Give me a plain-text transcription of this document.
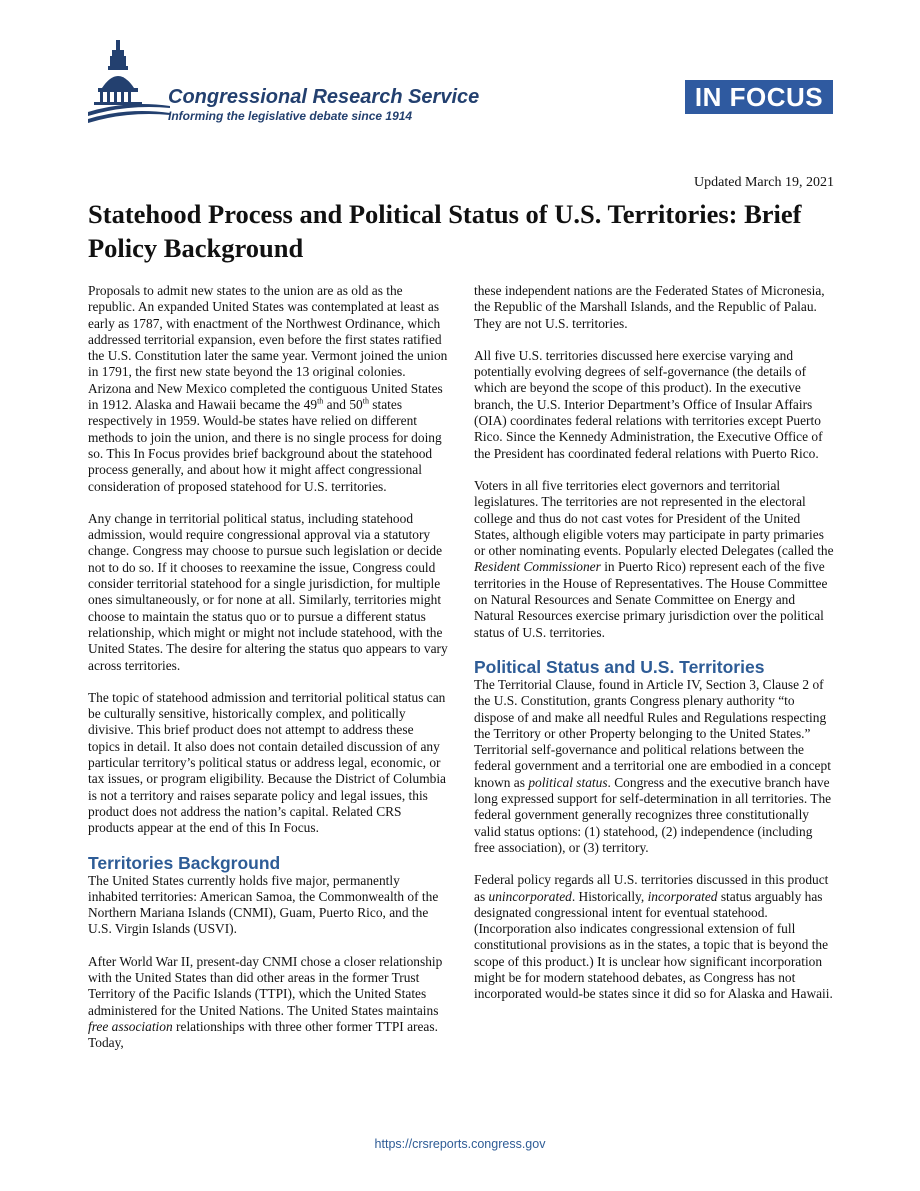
Congressional Research Service
Informing the legislative debate since 1914
IN FOCUS
Updated March 19, 2021
Statehood Process and Political Status of U.S. Territories: Brief Policy Background

Proposals to admit new states to the union are as old as the republic. An expanded United States was contemplated at least as early as 1787, with enactment of the Northwest Ordinance, which addressed territorial expansion, even before the first states ratified the U.S. Constitution later the same year. Vermont joined the union in 1791, the first new state beyond the 13 original colonies. Arizona and New Mexico completed the contiguous United States in 1912. Alaska and Hawaii became the 49th and 50th states respectively in 1959. Would-be states have relied on different methods to join the union, and there is no single process for doing so. This In Focus provides brief background about the statehood process generally, and about how it might affect congressional consideration of proposed statehood for U.S. territories.

Any change in territorial political status, including statehood admission, would require congressional approval via a statutory change. Congress may choose to pursue such legislation or decide not to do so. If it chooses to reexamine the issue, Congress could consider territorial statehood for a single jurisdiction, for multiple ones simultaneously, or for none at all. Similarly, territories might choose to maintain the status quo or to pursue a different status relationship, which might or might not include statehood, with the United States. The desire for altering the status quo appears to vary across territories.

The topic of statehood admission and territorial political status can be culturally sensitive, historically complex, and politically divisive. This brief product does not attempt to address these topics in detail. It also does not contain detailed discussion of any particular territory’s political status or address legal, economic, or tax issues, or program eligibility. Because the District of Columbia is not a territory and raises separate policy and legal issues, this product does not address the nation’s capital. Related CRS products appear at the end of this In Focus.

Territories Background

The United States currently holds five major, permanently inhabited territories: American Samoa, the Commonwealth of the Northern Mariana Islands (CNMI), Guam, Puerto Rico, and the U.S. Virgin Islands (USVI).

After World War II, present-day CNMI chose a closer relationship with the United States than did other areas in the former Trust Territory of the Pacific Islands (TTPI), which the United States administered for the United Nations. The United States maintains free association relationships with three other former TTPI areas. Today,

these independent nations are the Federated States of Micronesia, the Republic of the Marshall Islands, and the Republic of Palau. They are not U.S. territories.

All five U.S. territories discussed here exercise varying and potentially evolving degrees of self-governance (the details of which are beyond the scope of this product). In the executive branch, the U.S. Interior Department’s Office of Insular Affairs (OIA) coordinates federal relations with territories except Puerto Rico. Since the Kennedy Administration, the Executive Office of the President has coordinated federal relations with Puerto Rico.

Voters in all five territories elect governors and territorial legislatures. The territories are not represented in the electoral college and thus do not cast votes for President of the United States, although eligible voters may participate in party primaries or other nominating events. Popularly elected Delegates (called the Resident Commissioner in Puerto Rico) represent each of the five territories in the House of Representatives. The House Committee on Natural Resources and Senate Committee on Energy and Natural Resources exercise primary jurisdiction over the political status of U.S. territories.

Political Status and U.S. Territories

The Territorial Clause, found in Article IV, Section 3, Clause 2 of the U.S. Constitution, grants Congress plenary authority “to dispose of and make all needful Rules and Regulations respecting the Territory or other Property belonging to the United States.” Territorial self-governance and political relations between the federal government and a territorial one are embodied in a concept known as political status. Congress and the executive branch have long expressed support for self-determination in all territories. The federal government generally recognizes three constitutionally valid status options: (1) statehood, (2) independence (including free association), or (3) territory.

Federal policy regards all U.S. territories discussed in this product as unincorporated. Historically, incorporated status arguably has designated congressional intent for eventual statehood. (Incorporation also indicates congressional extension of full constitutional provisions as in the states, a topic that is beyond the scope of this product.) It is unclear how significant incorporation might be for modern statehood debates, as Congress has not incorporated would-be states since it did so for Alaska and Hawaii.

https://crsreports.congress.gov
